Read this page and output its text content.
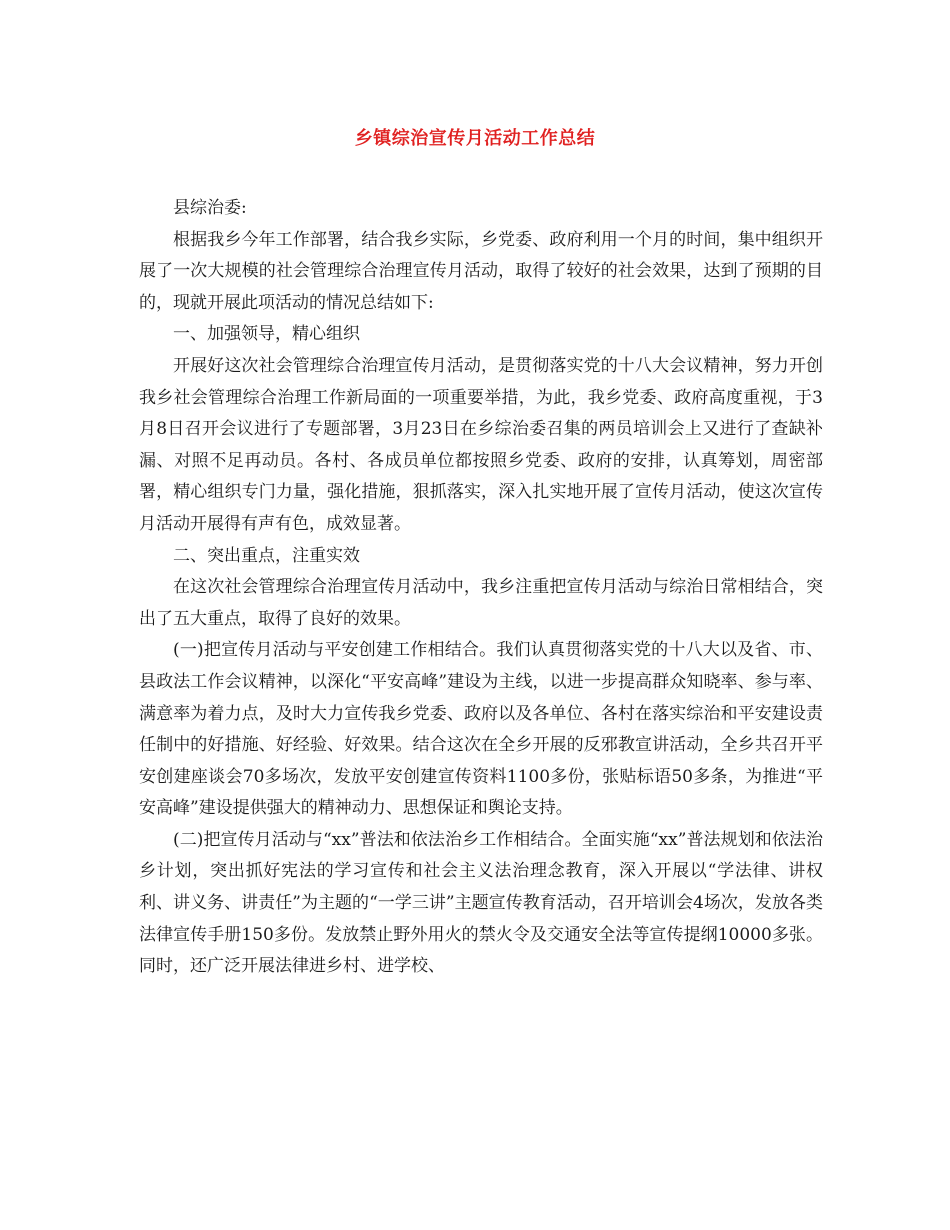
乡镇综治宣传月活动工作总结

县综治委:

根据我乡今年工作部署，结合我乡实际，乡党委、政府利用一个月的时间，集中组织开展了一次大规模的社会管理综合治理宣传月活动，取得了较好的社会效果，达到了预期的目的，现就开展此项活动的情况总结如下:

一、加强领导，精心组织

开展好这次社会管理综合治理宣传月活动，是贯彻落实党的十八大会议精神，努力开创我乡社会管理综合治理工作新局面的一项重要举措，为此，我乡党委、政府高度重视，于3月8日召开会议进行了专题部署，3月23日在乡综治委召集的两员培训会上又进行了查缺补漏、对照不足再动员。各村、各成员单位都按照乡党委、政府的安排，认真筹划，周密部署，精心组织专门力量，强化措施，狠抓落实，深入扎实地开展了宣传月活动，使这次宣传月活动开展得有声有色，成效显著。

二、突出重点，注重实效

在这次社会管理综合治理宣传月活动中，我乡注重把宣传月活动与综治日常相结合，突出了五大重点，取得了良好的效果。

(一)把宣传月活动与平安创建工作相结合。我们认真贯彻落实党的十八大以及省、市、县政法工作会议精神，以深化“平安高峰”建设为主线，以进一步提高群众知晓率、参与率、满意率为着力点，及时大力宣传我乡党委、政府以及各单位、各村在落实综治和平安建设责任制中的好措施、好经验、好效果。结合这次在全乡开展的反邪教宣讲活动，全乡共召开平安创建座谈会70多场次，发放平安创建宣传资料1100多份，张贴标语50多条，为推进“平安高峰”建设提供强大的精神动力、思想保证和舆论支持。

(二)把宣传月活动与“xx”普法和依法治乡工作相结合。全面实施“xx”普法规划和依法治乡计划，突出抓好宪法的学习宣传和社会主义法治理念教育，深入开展以“学法律、讲权利、讲义务、讲责任”为主题的“一学三讲”主题宣传教育活动，召开培训会4场次，发放各类法律宣传手册150多份。发放禁止野外用火的禁火令及交通安全法等宣传提纲10000多张。同时，还广泛开展法律进乡村、进学校、
